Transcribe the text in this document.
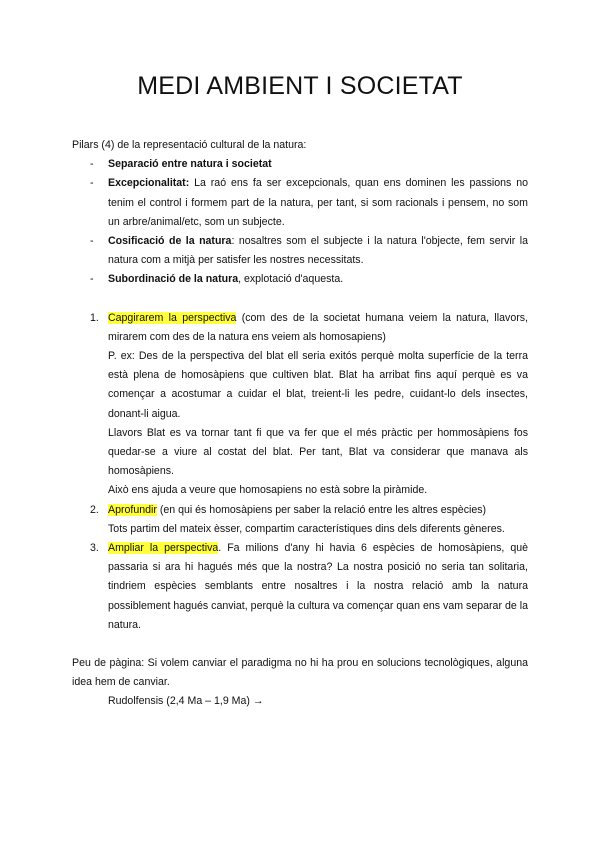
MEDI AMBIENT I SOCIETAT

Pilars (4) de la representació cultural de la natura:

- Separació entre natura i societat
- Excepcionalitat: La raó ens fa ser excepcionals, quan ens dominen les passions no tenim el control i formem part de la natura, per tant, si som racionals i pensem, no som un arbre/animal/etc, som un subjecte.
- Cosificació de la natura: nosaltres som el subjecte i la natura l'objecte, fem servir la natura com a mitjà per satisfer les nostres necessitats.
- Subordinació de la natura, explotació d'aquesta.
1. Capgirarem la perspectiva (com des de la societat humana veiem la natura, llavors, mirarem com des de la natura ens veiem als homosapiens)

P. ex: Des de la perspectiva del blat ell seria exitós perquè molta superfície de la terra està plena de homosàpiens que cultiven blat. Blat ha arribat fins aquí perquè es va començar a acostumar a cuidar el blat, treient-li les pedre, cuidant-lo dels insectes, donant-li aigua.

Llavors Blat es va tornar tant fi que va fer que el més pràctic per hommosàpiens fos quedar-se a viure al costat del blat. Per tant, Blat va considerar que manava als homosàpiens.

Això ens ajuda a veure que homosapiens no està sobre la piràmide.

2. Aprofundir (en qui és homosàpiens per saber la relació entre les altres espècies)

Tots partim del mateix èsser, compartim característiques dins dels diferents gèneres.

3. Ampliar la perspectiva. Fa milions d'any hi havia 6 espècies de homosàpiens, què passaria si ara hi hagués més que la nostra? La nostra posició no seria tan solitaria, tindriem espècies semblants entre nosaltres i la nostra relació amb la natura possiblement hagués canviat, perquè la cultura va començar quan ens vam separar de la natura.

Peu de pàgina: Si volem canviar el paradigma no hi ha prou en solucions tecnològiques, alguna idea hem de canviar.

Rudolfensis (2,4 Ma – 1,9 Ma) →
